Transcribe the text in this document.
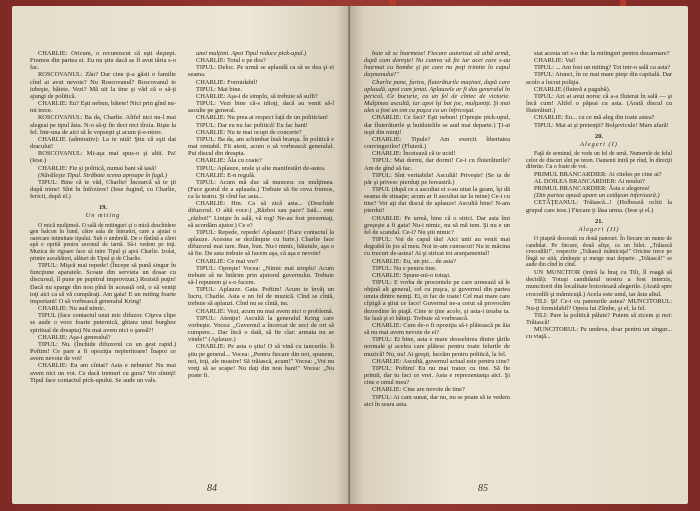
CHARLIE: Oricum, o recunoscut că eşti deştept. Frumos din partea ei. Eu nu ştiu dacă as fi avut tăria s-o fac.

ROSCOVANUL: Zău? Dar cine ţi-a găsit o familie cînd ai avut nevoie? Nu Roscovanul? Roscovanul te iubeşte, băiete. Vezi? Mă uit la tine şi văd că o să-ţi ajungi de politică.

CHARLIE: Eu? Eşti nebun, băiete! Nici prin gînd nu-mi trece.

ROSCOVANUL: Ba da, Charlie. Altfel nici nu-l mai alegeai pe tipul ăsta. N-o să-ţi fie deci nici tîrzia. Rişte la fel. Intr-una de aici să le vopseşti şi acum ţi-e-ntorc.

CHARLIE (admirativ): La te uită! Ştiu că eşti dat dracului!

ROSCOVANUL: Mi-aşa mai spus-o şi altii. Pa! (Iese.)

CHARLIE: Fie şi politică, numai bani să iasă!

(Năvăleşte Tipul. Străbate scena aproape în fugă.)

TIPUL: Bine că te văd, Charlie! Încearcă să te ţii după mine! Sînt în întîrziere! (Iese fugind, cu Charlie, fericit, după el.)

19.

Un miting

O mică mulţimeă. O sală de mitinguri şi o mică deschidere gen balcon în fund, către sala de întruniri, care a ajutat o oarecare intimitate tipului. Sub o umbrelă. De o fîntînă a cărei apă e oprită pentru sezonul de iarnă. Să-i vedem pe toţi. Muzica de rigoare face să intre Tipul şi apoi Charlie. Izolat, printre ascultători, alături de Tipul şi de Charlie.

TIPUL: Mişcă mai repede! (Începe să pună singur în funcţiune aparatele. Scoate din servieta un dosar cu discursul, îl pune pe pupitrul improvizat.) Rezistă puţin! Dacă nu sparge din nou pînă în această oră, o să veniţi toţi aici ca să vă cumpăraţi. Am gata! E un miting foarte important! O să vorbească generalul Kring!

CHARLIE: Nu aud nimic.

TIPUL (face contactul unui mic difuzor. Ciţeva clipe se aude o voce foarte puternică, ghiara unui burghez spiritual de dreapta) Nu mai avem nici o şansă?!

CHARLIE: Aşa-i generalul?

TIPUL: Nu. (Închide difuzorul cu un gest rapid.) Poftim! Ce pare a fi opoziţia nepieritoare! Înapoi ce avem nevoie de voi!

CHARLIE: Eu am cîntat? Asta e nebunie! Nu mai avem nici un vot. Ce dacă tremuri cu gura? Voi sînteţi! Tipul face contactul pick-upului. Se aude un vals.

unei mulţimi. Apoi Tipul reduce pick-upul.)

CHARLIE: Totul e pe dos?

TIPUL: Deloc. Pe urmă se aplaudă ca să se dea şi ei seama.

CHARLIE: Formidabil!

TIPUL: Mai bine.

CHARLIE: Aşa-i de simplu, să trebuie să sufli?

TIPUL: Vezi bine că-s idioţi, dacă au venit să-l asculte pe general.

CHARLIE: Nu prea ai respect față de un politician!

TIPUL: Dar eu nu fac politică! Eu fac bani!

CHARLIE: Nu te mai ocupi de concerte?

TIPUL: Ba da, am schimbat însă branşa. În politică e mai rentabil. Fii atent, acum o să vorbească generalul. Pui discul din dreapta.

CHARLIE: Ăla cu coaie?

TIPUL: Aplauze, urale şi alte manifestări de-astea.

CHARLIE: E-n regulă.

TIPUL: Acum mă duc să muncesc cu mulţimea. (Face gestul de a aplauda.) Trebuie să fie ceva frumos, ca la teatru. Şi cînd fac asta...

CHARLIE: Hm. Ca să zică asta... (Deschide difuzorul. O altă voce:) „Război sau pace? Iată... este „război!" Linişte în sală, vă rog! Ne-au fost prezentaţi, să acordăm ajutor.) Ce e?

TIPUL: Repede, repede! Aplauze! (Face contactul la aplauze. Acestea se dezlănţuie cu furie.) Charlie face difuzorul mai tare. Bun, bun. Nu-i nimic, băiatule, aşa o să fie. De asta trebuie să facem aşa, că aşa e nevoie!

CHARLIE: Ce mai vor?

TIPUL: Opreşte! Vocea: „Nimic mai simplu! Acum trebuie să ne întărim prin ajutorul guvernului. Trebuie să-l repunem şi s-o facem.

TIPUL: Aplauze. Gata. Poftim! Acum te învăţ un lucru, Charlie. Asta e un fel de muzică. Cînd se cîntă, trebuie să aplauzi. Cînd nu se cîntă, nu.

CHARLIE: Vezi, acum nu mai avem nici o problemă.

TIPUL: Atenţie! Ascultă la generalul Kring care vorbeşte. Vocea: „Guvernul a încercat de zeci de ori să cumpere... Dar încă o dată, să fie clar: armata nu se vinde!" (Aplauze.)

CHARLIE: Pe asta o ştiu! O să vină cu tancurile. Îi ştiu pe general... Vocea: „Pentru fiecare din noi, spunem, noi, toţi, ale noastre! Să trăiască, acum!" Vocea: „Voi nu vreţi să se scape! Nu daţi din nou bani!" Vocea: „Nu poate fi.

84

buie să se înarmeze! Fiecare autorizat să aibă armă, după cum doreşte! Nu cumva să fie iar acei care s-au înarmat cu bombe şi pe care nu poţi trimite în capul duşmanului!"

Charlie pune, furios, fluierăturile mașinei, după care aplaudă, apoi cam jenat. Aplauzele ar fi dus generalul în pericol. Ce bucurie, ca un fel de cîntec de victorie. Mulţimea ascultă, iar apoi îşi bat joc, mulţumiţi. Şi mai ales a fost un om cu puşca ca un înfricoşat.

CHARLIE: Ce faci? Eşti nebun! (Opreşte pick-upul, dar fluierăturile şi huiduielile se aud mai departe.) Ţi-ai ieşit din minţi!

CHARLIE: Tipule? Am exercit libertatea convingerilor! (Fluieră.)

CHARLIE: Încetează că te ucid!

TIPUL: Mai dormi, dar dormi! Ce-i cu fluierăturile? Am de gînd să fac.

TIPUL: Sînt veritabile! Ascultă! Priveşte! (Se ia de păr şi privesc pierduţi pe fereastră.)

TIPUL (după ce a ascultat ei s-au uitat la geam, îşi dă seama de situaţie; acum ar fi ascultat iar la mine) Ce-i cu tine? Voi aţi dat discul de aplauze! Ascultă bine! N-am pierdut!

CHARLIE: Pe urmă, bine că o strici. Dar asta îmi greşeşte a fi gata! Nu-i nimic, nu să mă tem. Şi nu e un fel de scandal. Ce-i? Nu ştii nimic?

TIPUL: Vai de capul tău! Aici unii au venit mai degrabă în jos al meu. Noi te-am cunoscut! Nu te măcina cu trucuri de-astea! Ai şi stricat tot aranjamentul!

CHARLIE: Eu, un pic... de asta?

TIPUL: Nu e pentru tine.

CHARLIE: Spune-mi-o totuşi.

TIPUL: E vorba de procentele pe care urmează să le obţină alt general, cel cu puşca, şi guvernul din partea unuia dintre nemţi. Ei, ei fac de toate! Cel mai mare care cîştigă a ştiut ce face! Guvernul ne-a cerut să provocăm dezordine în piaţă. Cine te ţine acolo, şi asta-i treaba ta. Se lasă şi ei bătuţi. Trebuie să vorbească.

CHARLIE: Cum de-o fi opoziţia să-i plătească pe ăia să nu mai avem nevoie de ei?

TIPUL: Ei bine, asta e mare deosebirea dintre ţările normale şi acelea care plătesc pentru toate felurile de muzică! Nu, nu! Ai greşit, lucrăm pentru politică, la fel.

CHARLIE: Ascultă, guvernul actual este pentru cine?

TIPUL: Poftim! Eu nu mai tratez cu tine. Să fie primit, dar tu faci ce vrei. Asta e reprezentanţa aici. Şi cine e omul meu?

CHARLIE: Cine are nevoie de tine?

TIPUL: Ai cam sunat, dar nu, nu se poate să te vedem aici în seara asta.

stat acesta ori s-o duc la mitinguri pentru dezarmare?

CHARLIE: Vai!

TIPUL: ... Am fost un miting? Tot intr-o sală ca asta?

TIPUL: Atunci, în ce mai mare pieţe din capitală. Dar acolo a lucrat poliţia.

CHARLIE (fluieră a pagubă).

TIPUL: Azi ai avut noroc că a-a fluierat în sală — şi încă cum! Altfel o păţeai cu asta. (Arată discul cu fluierături.)

CHARLIE: Eu... cu ce mă aleg din toate astea?

TIPUL: Mai ai şi pretenţii? Bolşevicule! Mars afară!

20.

Alegeri (I)

Faţă de seminul, de vede un fel de urnă. Numerele de felul celor de discuri sînt pe teren. Oamenii intră pe rînd, în direcţii diferite. Cu o foaie de vot.

PRIMUL BRANCARDIER: Ai citeles pe cine ai?

AL DOILEA BRANCARDIER: Ai noului?

PRIMUL BRANCARDIER: Ăsta e alegerea!

(Din partea opusă apare un cetăţean inferioară.)

CETĂŢEANUL: Trăiască...! (Holbează ochii la grupul care iese.) Fiecare ţi lăsa urma. (Iese şi el.)

21.

Alegeri (II)

O piaţetă decorată cu două panouri. În fiecare un nume de candidat. Pe fiecare, două afişe, ca un bilet. „Trăiască crocodilii!", respectiv „Trăiască mămicuţa!" Oricine trece pe lîngă se uită, zîmbeşte şi merge mai departe. „Trăiască!" se aude din cînd în cînd.

UN MUNCITOR (intră la braţ cu Tili, îl roagă să decidă): Totuşi candidatul nostru a fost interzis, muncitorii din localitate boicotează alegerile. (Arată spre crocodili şi mămicuţă.) Acela este unul, iar ăsta altul.

TILI: Şi! Ce-i cu panourile astea? MUNCITORUL: Nu-ţi formidabil? Opera lui Zîmbe, şi el, la fel.

TILI: Pare la politică păluie? Putem să zicem şi noi: Trăiască!

MUNCITORUL: Pe undeva, doar pentru un singur... cu viaţă...

85
